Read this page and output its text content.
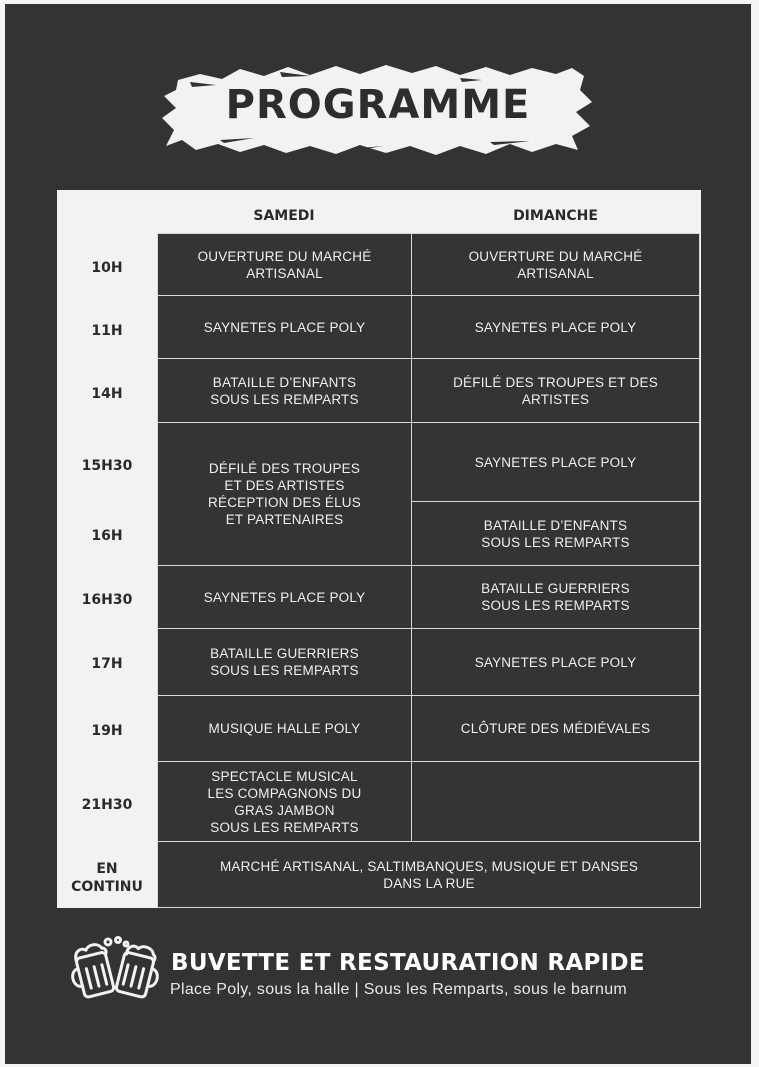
PROGRAMME
SAMEDI	DIMANCHE
10H
11H
14H
15H30
16H
16H30
17H
19H
21H30
EN
CONTINU
OUVERTURE DU MARCHÉ
ARTISANAL
SAYNETES PLACE POLY
BATAILLE D’ENFANTS
SOUS LES REMPARTS
DÉFILÉ DES TROUPES
ET DES ARTISTES
RÉCEPTION DES ÉLUS
ET PARTENAIRES
SAYNETES PLACE POLY
BATAILLE GUERRIERS
SOUS LES REMPARTS
MUSIQUE HALLE POLY
SPECTACLE MUSICAL
LES COMPAGNONS DU
GRAS JAMBON
SOUS LES REMPARTS
OUVERTURE DU MARCHÉ
ARTISANAL
SAYNETES PLACE POLY
DÉFILÉ DES TROUPES ET DES
ARTISTES
SAYNETES PLACE POLY
BATAILLE D’ENFANTS
SOUS LES REMPARTS
BATAILLE GUERRIERS
SOUS LES REMPARTS
SAYNETES PLACE POLY
CLÔTURE DES MÉDIÉVALES
MARCHÉ ARTISANAL, SALTIMBANQUES, MUSIQUE ET DANSES
DANS LA RUE
BUVETTE ET RESTAURATION RAPIDE
Place Poly, sous la halle | Sous les Remparts, sous le barnum
